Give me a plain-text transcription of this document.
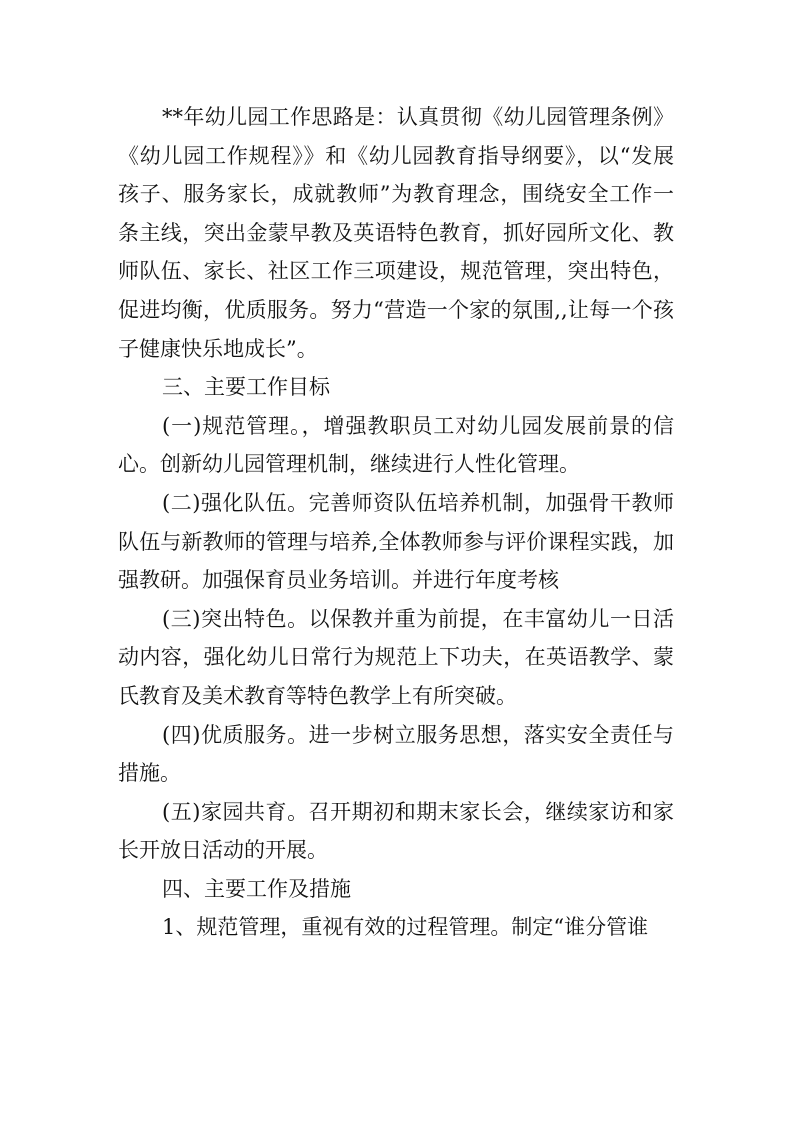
**年幼儿园工作思路是：认真贯彻《幼儿园管理条例》《幼儿园工作规程》》和《幼儿园教育指导纲要》，以“发展孩子、服务家长，成就教师”为教育理念，围绕安全工作一条主线，突出金蒙早教及英语特色教育，抓好园所文化、教师队伍、家长、社区工作三项建设，规范管理，突出特色，促进均衡，优质服务。努力“营造一个家的氛围,,让每一个孩子健康快乐地成长”。

三、主要工作目标

(一)规范管理。，增强教职员工对幼儿园发展前景的信心。创新幼儿园管理机制，继续进行人性化管理。

(二)强化队伍。完善师资队伍培养机制，加强骨干教师队伍与新教师的管理与培养,全体教师参与评价课程实践，加强教研。加强保育员业务培训。并进行年度考核

(三)突出特色。以保教并重为前提，在丰富幼儿一日活动内容，强化幼儿日常行为规范上下功夫，在英语教学、蒙氏教育及美术教育等特色教学上有所突破。

(四)优质服务。进一步树立服务思想，落实安全责任与措施。

(五)家园共育。召开期初和期末家长会，继续家访和家长开放日活动的开展。

四、主要工作及措施

1、规范管理，重视有效的过程管理。制定“谁分管谁
